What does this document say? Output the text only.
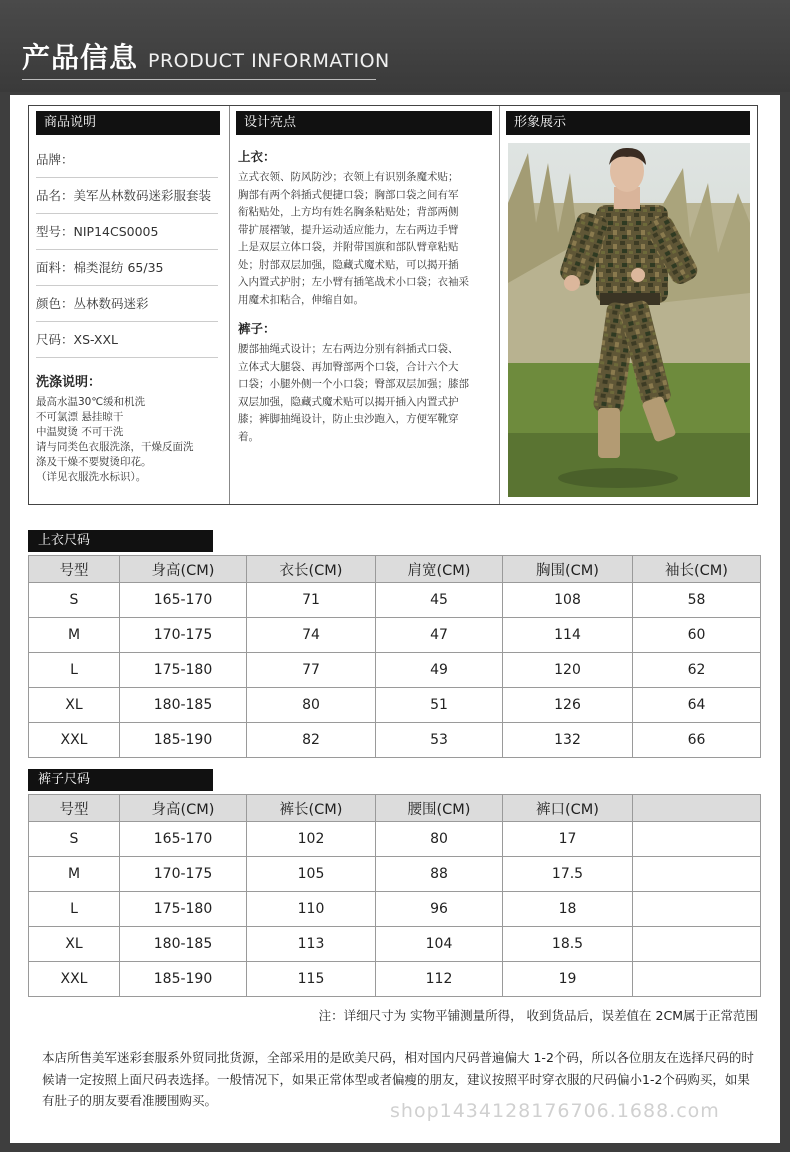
产品信息 PRODUCT INFORMATION
商品说明
品牌：
品名：美军丛林数码迷彩服套装
型号：NIP14CS0005
面料：棉类混纺 65/35
颜色：丛林数码迷彩
尺码：XS-XXL
洗涤说明：
最高水温30℃缓和机洗
不可氯漂 悬挂晾干
中温熨烫 不可干洗
请与同类色衣服洗涤，干燥反面洗
涤及干燥不要熨烫印花。
（详见衣服洗水标识）。
设计亮点
上衣：
立式衣领、防风防沙；衣领上有识别条魔术贴；
胸部有两个斜插式便捷口袋；胸部口袋之间有军
衔粘贴处，上方均有姓名胸条粘贴处；背部两侧
带扩展褶皱，提升运动适应能力，左右两边手臂
上是双层立体口袋，并附带国旗和部队臂章粘贴
处；肘部双层加强，隐藏式魔术贴，可以揭开插
入内置式护肘；左小臂有插笔战术小口袋；衣袖采
用魔术扣粘合，伸缩自如。
裤子：
腰部抽绳式设计；左右两边分别有斜插式口袋、
立体式大腿袋、再加臀部两个口袋，合计六个大
口袋；小腿外侧一个小口袋；臀部双层加强；膝部
双层加强，隐藏式魔术贴可以揭开插入内置式护
膝；裤脚抽绳设计，防止虫沙跑入，方便军靴穿
着。
形象展示
上衣尺码
号型	身高(CM)	衣长(CM)	肩宽(CM)	胸围(CM)	袖长(CM)
S	165-170	71	45	108	58
M	170-175	74	47	114	60
L	175-180	77	49	120	62
XL	180-185	80	51	126	64
XXL	185-190	82	53	132	66
裤子尺码
号型	身高(CM)	裤长(CM)	腰围(CM)	裤口(CM)	
S	165-170	102	80	17	
M	170-175	105	88	17.5	
L	175-180	110	96	18	
XL	180-185	113	104	18.5	
XXL	185-190	115	112	19	
注：详细尺寸为 实物平铺测量所得， 收到货品后，误差值在 2CM属于正常范围
本店所售美军迷彩套服系外贸同批货源，全部采用的是欧美尺码，相对国内尺码普遍偏大 1-2个码，所以各位朋友在选择尺码的时候请一定按照上面尺码表选择。一般情况下，如果正常体型或者偏瘦的朋友，建议按照平时穿衣服的尺码偏小1-2个码购买，如果有肚子的朋友要看准腰围购买。	shop1434128176706.1688.com
